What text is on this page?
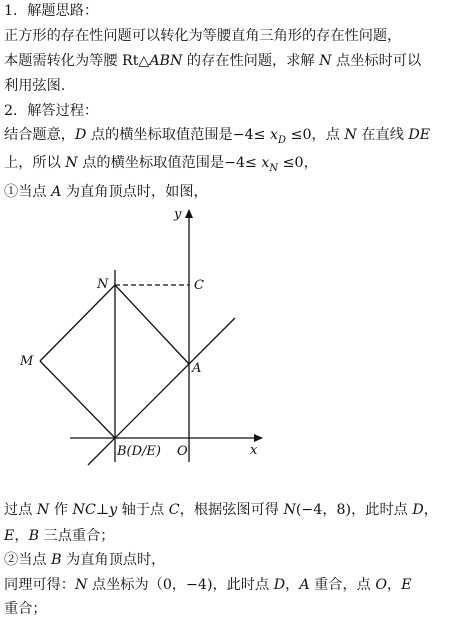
1．解题思路：
正方形的存在性问题可以转化为等腰直角三角形的存在性问题，
本题需转化为等腰 Rt△ABN 的存在性问题，求解 N 点坐标时可以
利用弦图.
2．解答过程：
结合题意，D 点的横坐标取值范围是$-4\le x_D \le 0$，点 N 在直线 DE
上，所以 N 点的横坐标取值范围是$-4\le x_N \le 0$，
①当点 A 为直角顶点时，如图，
y
x
N	C
M	A
B(D/E) O
过点 N 作 NC⊥y 轴于点 C，根据弦图可得 N(−4，8)，此时点 D，
E，B 三点重合；
②当点 B 为直角顶点时，
同理可得：N 点坐标为（0，−4)，此时点 D，A 重合，点 O，E
重合；
